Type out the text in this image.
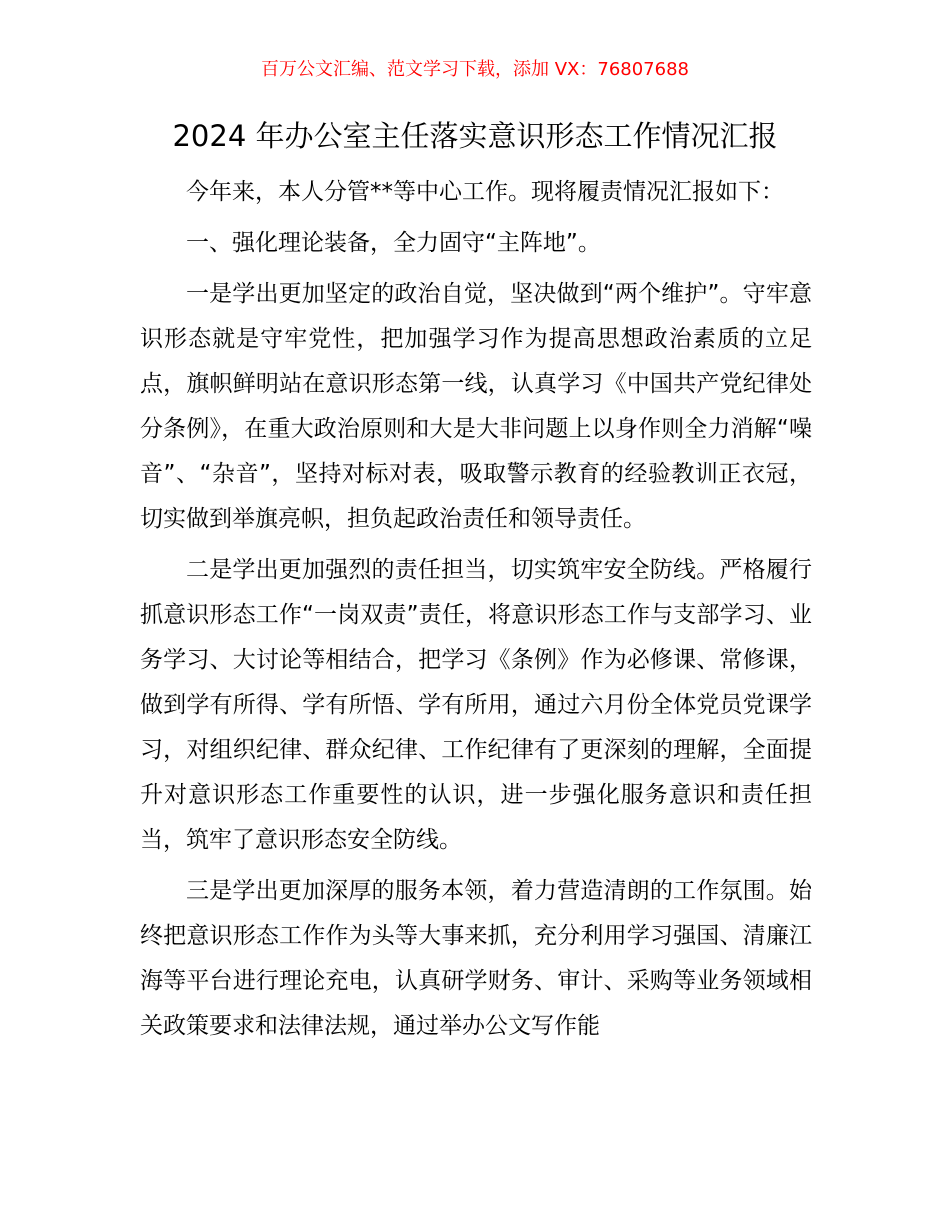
百万公文汇编、范文学习下载，添加 VX：76807688
2024 年办公室主任落实意识形态工作情况汇报

今年来，本人分管**等中心工作。现将履责情况汇报如下：

一、强化理论装备，全力固守“主阵地”。

一是学出更加坚定的政治自觉，坚决做到“两个维护”。守牢意识形态就是守牢党性，把加强学习作为提高思想政治素质的立足点，旗帜鲜明站在意识形态第一线，认真学习《中国共产党纪律处分条例》，在重大政治原则和大是大非问题上以身作则全力消解“噪音”、“杂音”，坚持对标对表，吸取警示教育的经验教训正衣冠，切实做到举旗亮帜，担负起政治责任和领导责任。

二是学出更加强烈的责任担当，切实筑牢安全防线。严格履行抓意识形态工作“一岗双责”责任，将意识形态工作与支部学习、业务学习、大讨论等相结合，把学习《条例》作为必修课、常修课，做到学有所得、学有所悟、学有所用，通过六月份全体党员党课学习，对组织纪律、群众纪律、工作纪律有了更深刻的理解，全面提升对意识形态工作重要性的认识，进一步强化服务意识和责任担当，筑牢了意识形态安全防线。

三是学出更加深厚的服务本领，着力营造清朗的工作氛围。始终把意识形态工作作为头等大事来抓，充分利用学习强国、清廉江海等平台进行理论充电，认真研学财务、审计、采购等业务领域相关政策要求和法律法规，通过举办公文写作能
